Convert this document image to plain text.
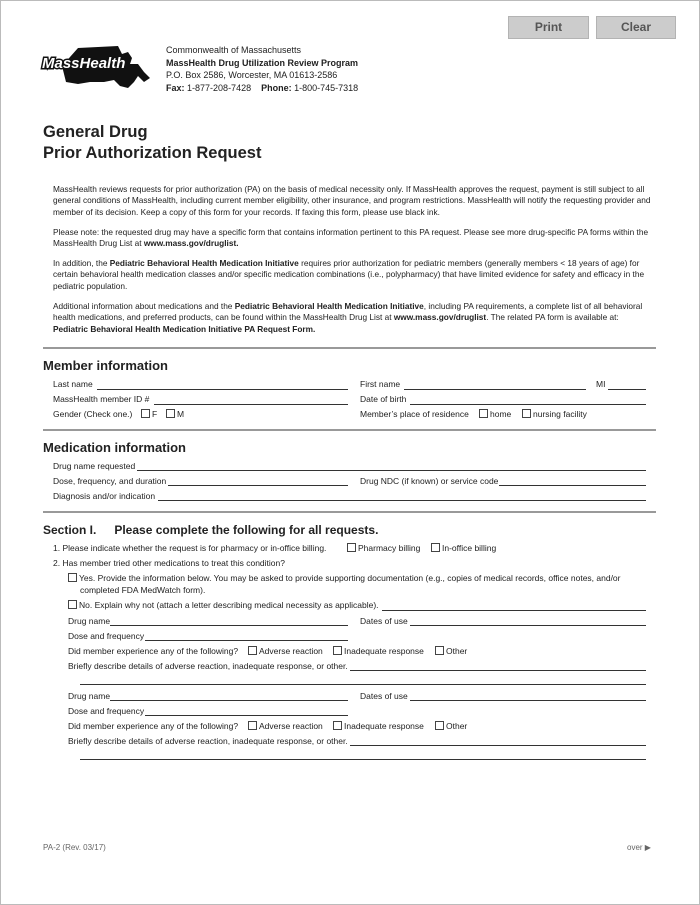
Print	Clear
MassHealth
Commonwealth of Massachusetts
MassHealth Drug Utilization Review Program
P.O. Box 2586, Worcester, MA 01613-2586
Fax: 1-877-208-7428 Phone: 1-800-745-7318
General Drug
Prior Authorization Request
MassHealth reviews requests for prior authorization (PA) on the basis of medical necessity only. If MassHealth approves the request, payment is still subject to all general conditions of MassHealth, including current member eligibility, other insurance, and program restrictions. MassHealth will notify the requesting provider and member of its decision. Keep a copy of this form for your records. If faxing this form, please use black ink.
Please note: the requested drug may have a specific form that contains information pertinent to this PA request. Please see more drug-specific PA forms within the MassHealth Drug List at www.mass.gov/druglist.
In addition, the Pediatric Behavioral Health Medication Initiative requires prior authorization for pediatric members (generally members < 18 years of age) for certain behavioral health medication classes and/or specific medication combinations (i.e., polypharmacy) that have limited evidence for safety and efficacy in the pediatric population.
Additional information about medications and the Pediatric Behavioral Health Medication Initiative, including PA requirements, a complete list of all behavioral health medications, and preferred products, can be found within the MassHealth Drug List at www.mass.gov/druglist. The related PA form is available at: Pediatric Behavioral Health Medication Initiative PA Request Form.
Member information
Last name	First name	MI
MassHealth member ID #	Date of birth
Gender (Check one.)	F	M	Member’s place of residence	home	nursing facility
Medication information
Drug name requested
Dose, frequency, and duration	Drug NDC (if known) or service code
Diagnosis and/or indication
Section I. Please complete the following for all requests.
1. Please indicate whether the request is for pharmacy or in-office billing.	Pharmacy billing	In-office billing
2. Has member tried other medications to treat this condition?
Yes. Provide the information below. You may be asked to provide supporting documentation (e.g., copies of medical records, office notes, and/or
completed FDA MedWatch form).
No. Explain why not (attach a letter describing medical necessity as applicable).
Drug name	Dates of use
Dose and frequency
Did member experience any of the following?	Adverse reaction	Inadequate response	Other
Briefly describe details of adverse reaction, inadequate response, or other.
Drug name	Dates of use
Dose and frequency
Did member experience any of the following?	Adverse reaction	Inadequate response	Other
Briefly describe details of adverse reaction, inadequate response, or other.
PA-2 (Rev. 03/17)	over ▶
